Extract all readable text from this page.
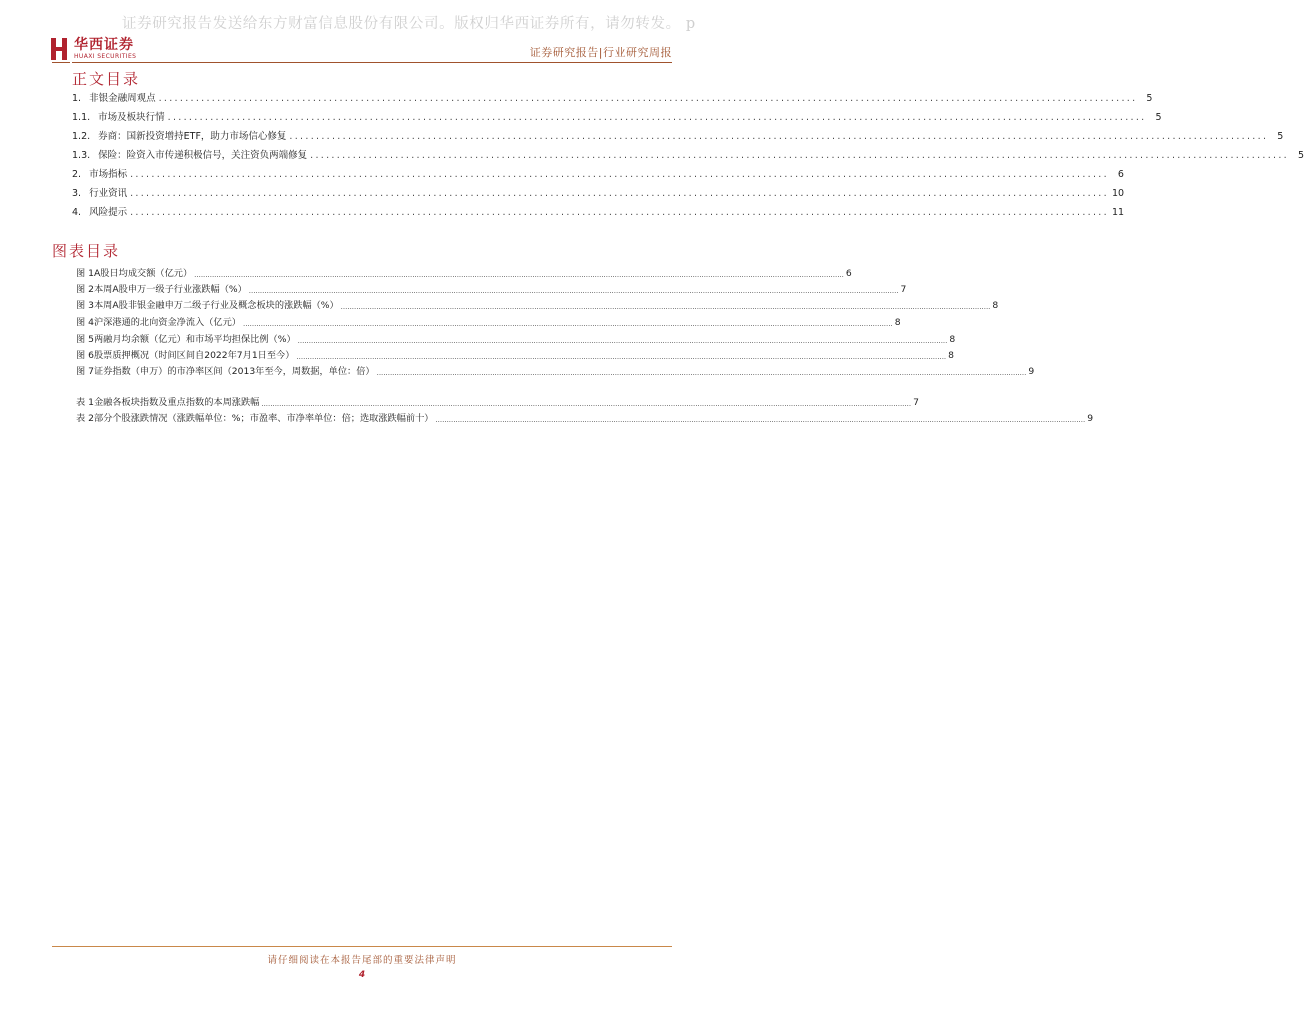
证券研究报告发送给东方财富信息股份有限公司。版权归华西证券所有，请勿转发。 p
华西证券
HUAXI SECURITIES	证券研究报告|行业研究周报
正文目录
1. 非银金融周观点 ........................................................................................................................................................................................ 5
1.1. 市场及板块行情 ........................................................................................................................................................................................ 5
1.2. 券商：国新投资增持ETF，助力市场信心修复 ........................................................................................................................................................................................ 5
1.3. 保险：险资入市传递积极信号，关注资负两端修复 ........................................................................................................................................................................................ 5
2. 市场指标 ........................................................................................................................................................................................ 6
3. 行业资讯 ........................................................................................................................................................................................ 10
4. 风险提示 ........................................................................................................................................................................................ 11
图表目录
图 1 A股日均成交额（亿元） .................................................................................................................................................................................................................................................................................................... 6
图 2 本周A股申万一级子行业涨跌幅（%） .................................................................................................................................................................................................................................................................................................... 7
图 3 本周A股非银金融申万二级子行业及概念板块的涨跌幅（%） .................................................................................................................................................................................................................................................................................................... 8
图 4 沪深港通的北向资金净流入（亿元） .................................................................................................................................................................................................................................................................................................... 8
图 5 两融月均余额（亿元）和市场平均担保比例（%） .................................................................................................................................................................................................................................................................................................... 8
图 6 股票质押概况（时间区间自2022年7月1日至今） .................................................................................................................................................................................................................................................................................................... 8
图 7 证券指数（申万）的市净率区间（2013年至今，周数据，单位：倍） .................................................................................................................................................................................................................................................................................................... 9
表 1 金融各板块指数及重点指数的本周涨跌幅 .................................................................................................................................................................................................................................................................................................... 7
表 2 部分个股涨跌情况（涨跌幅单位：%；市盈率、市净率单位：倍；选取涨跌幅前十） .................................................................................................................................................................................................................................................................................................... 9
请仔细阅读在本报告尾部的重要法律声明
4
